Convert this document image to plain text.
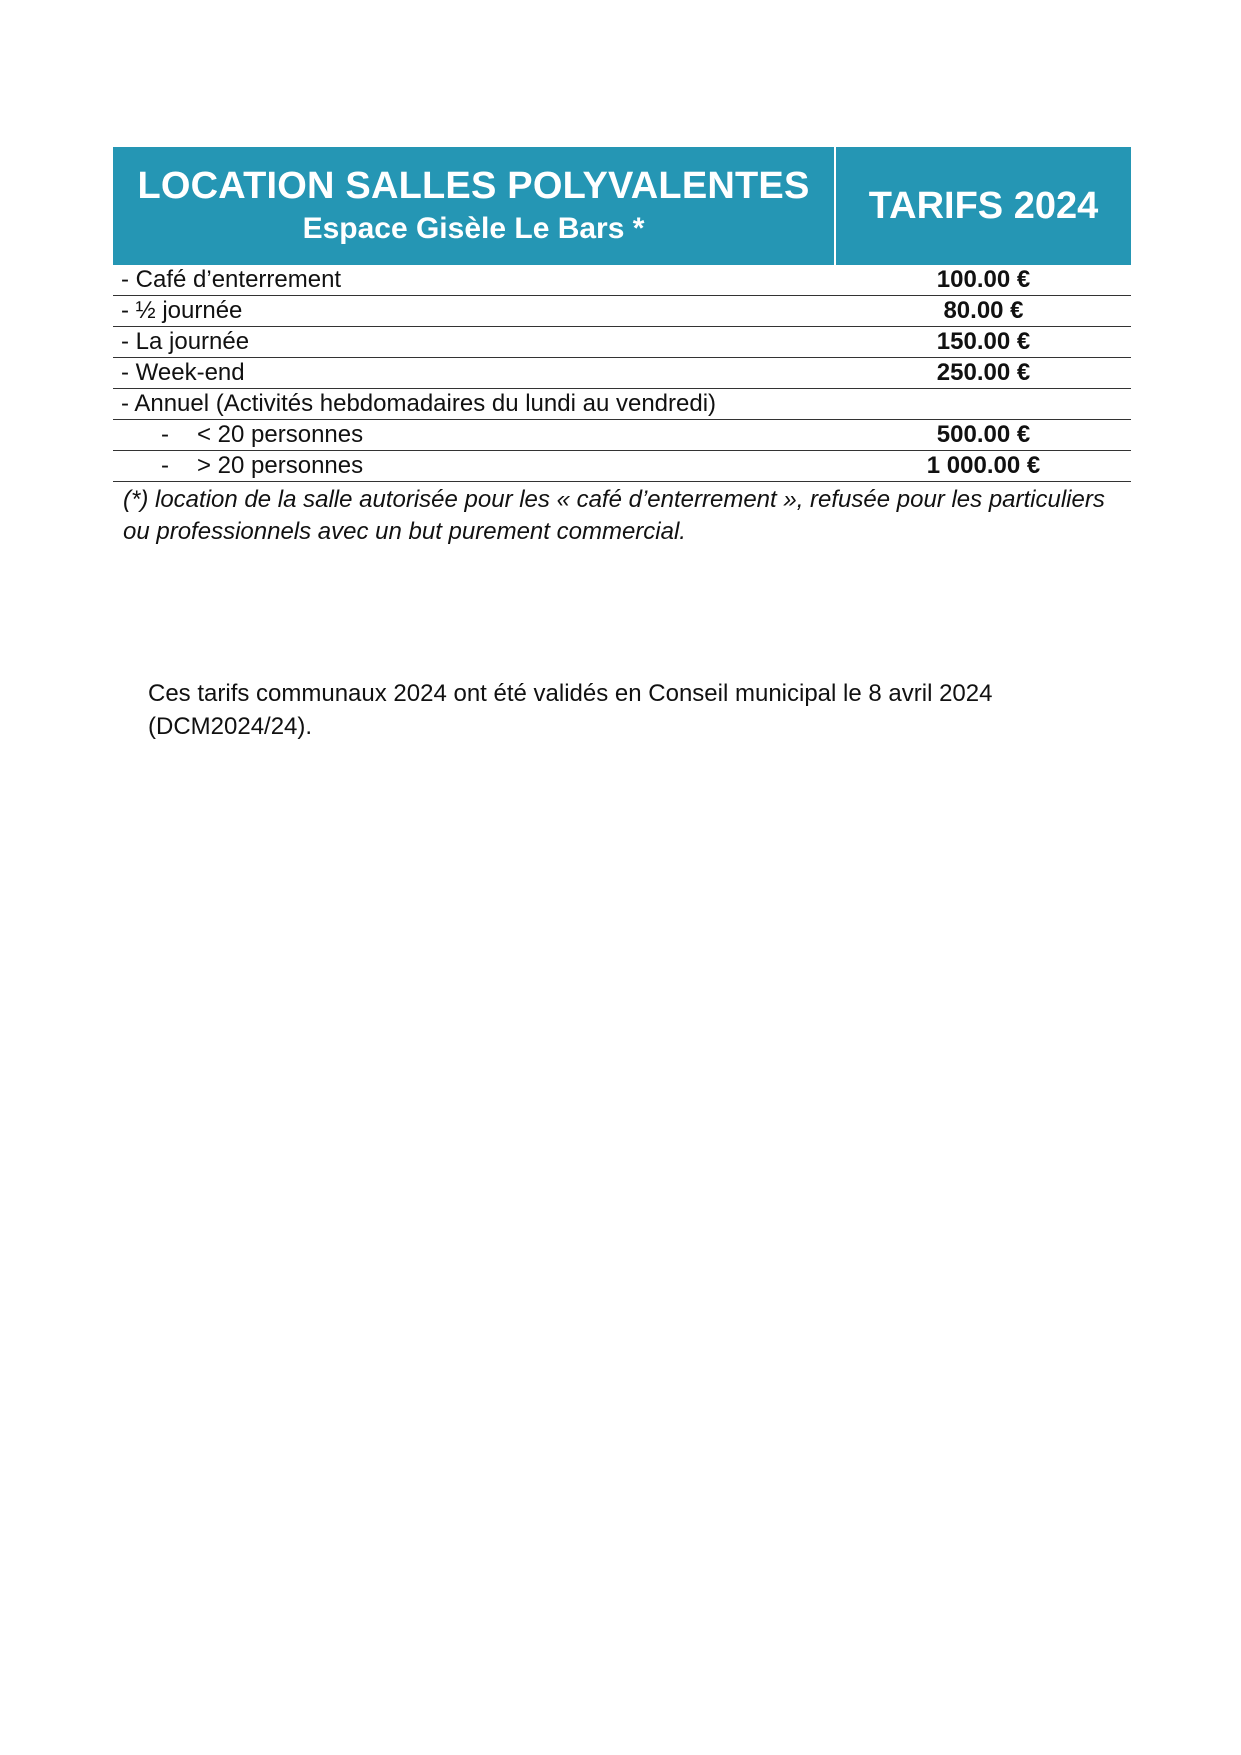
LOCATION SALLES POLYVALENTES
Espace Gisèle Le Bars *
TARIFS 2024
- Café d’enterrement	100.00 €
- ½ journée	80.00 €
- La journée	150.00 €
- Week-end	250.00 €
- Annuel (Activités hebdomadaires du lundi au vendredi)
- < 20 personnes	500.00 €
- > 20 personnes	1 000.00 €
(*) location de la salle autorisée pour les « café d’enterrement », refusée pour les particuliers ou professionnels avec un but purement commercial.
Ces tarifs communaux 2024 ont été validés en Conseil municipal le 8 avril 2024 (DCM2024/24).
